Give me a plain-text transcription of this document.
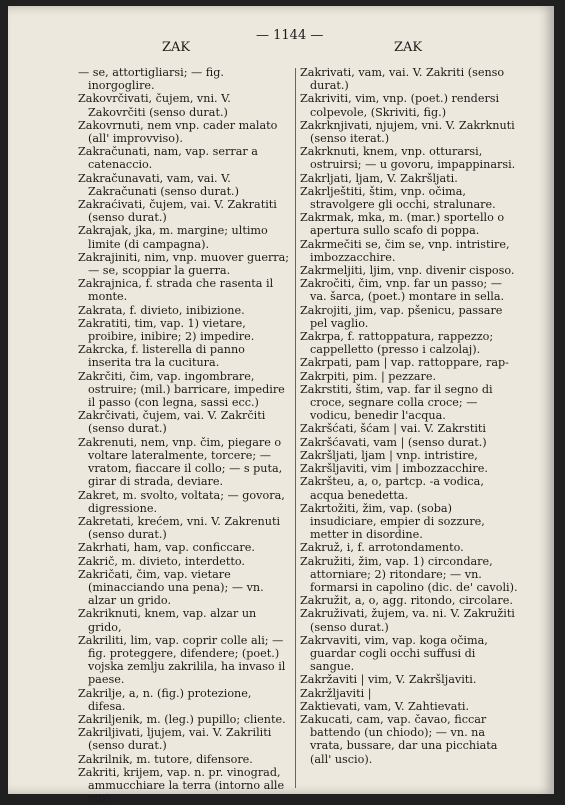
ZAK
— 1144 —
ZAK

— se, attortigliarsi; — fig. inorgoglire.

Zakovrčivati, čujem, vni. V. Zakovrčiti (senso durat.)

Zakovrnuti, nem vnp. cader malato (all' improvviso).

Zakračunati, nam, vap. serrar a catenaccio.

Zakračunavati, vam, vai. V. Zakračunati (senso durat.)

Zakraćivati, čujem, vai. V. Zakratiti (senso durat.)

Zakrajak, jka, m. margine; ultimo limite (di campagna).

Zakrajiniti, nim, vnp. muover guerra; — se, scoppiar la guerra.

Zakrajnica, f. strada che rasenta il monte.

Zakrata, f. divieto, inibizione.

Zakratiti, tim, vap. 1) vietare, proibire, inibire; 2) impedire.

Zakrcka, f. listerella di panno inserita tra la cucitura.

Zakrčiti, čim, vap. ingombrare, ostruire; (mil.) barricare, impedire il passo (con legna, sassi ecc.)

Zakrčivati, čujem, vai. V. Zakrčiti (senso durat.)

Zakrenuti, nem, vnp. čim, piegare o voltare lateralmente, torcere; — vratom, fiaccare il collo; — s puta, girar di strada, deviare.

Zakret, m. svolto, voltata; — govora, digressione.

Zakretati, krećem, vni. V. Zakrenuti (senso durat.)

Zakrhati, ham, vap. conficcare.

Zakrič, m. divieto, interdetto.

Zakričati, čim, vap. vietare (minacciando una pena); — vn. alzar un grido.

Zakriknuti, knem, vap. alzar un grido,

Zakriliti, lim, vap. coprir colle ali; — fig. proteggere, difendere; (poet.) vojska zemlju zakrilila, ha invaso il paese.

Zakrilje, a, n. (fig.) protezione, difesa.

Zakriljenik, m. (leg.) pupillo; cliente.

Zakriljivati, ljujem, vai. V. Zakriliti (senso durat.)

Zakrilnik, m. tutore, difensore.

Zakriti, krijem, vap. n. pr. vinograd, ammucchiare la terra (intorno alle viti).

Zakrivati, vam, vai. V. Zakriti (senso durat.)

Zakriviti, vim, vnp. (poet.) rendersi colpevole, (Skriviti, fig.)

Zakrknjivati, njujem, vni. V. Zakrknuti (senso iterat.)

Zakrknuti, knem, vnp. otturarsi, ostruirsi; — u govoru, impappinarsi.

Zakrljati, ljam, V. Zakršljati.

Zakrlještiti, štim, vnp. očima, stravolgere gli occhi, stralunare.

Zakrmak, mka, m. (mar.) sportello o apertura sullo scafo di poppa.

Zakrmečiti se, čim se, vnp. intristire, imbozzacchire.

Zakrmeljiti, ljim, vnp. divenir cisposo.

Zakročiti, čim, vnp. far un passo; — va. šarca, (poet.) montare in sella.

Zakrojiti, jim, vap. pšenicu, passare pel vaglio.

Zakrpa, f. rattoppatura, rappezzo; cappelletto (presso i calzolaj).

Zakrpati, pam | vap. rattoppare, rap-

Zakrpiti, pim. | pezzare.

Zakrstiti, štim, vap. far il segno di croce, segnare colla croce; — vodicu, benedir l'acqua.

Zakršćati, šćam | vai. V. Zakrstiti

Zakršćavati, vam | (senso durat.)

Zakršljati, ljam | vnp. intristire,

Zakršljaviti, vim | imbozzacchire.

Zakršteu, a, o, partcp. -a vodica, acqua benedetta.

Zakrtožiti, žim, vap. (soba) insudiciare, empier di sozzure, metter in disordine.

Zakruž, i, f. arrotondamento.

Zakružiti, žim, vap. 1) circondare, attorniare; 2) ritondare; — vn. formarsi in capolino (dic. de' cavoli).

Zakružit, a, o, agg. ritondo, circolare.

Zakruživati, žujem, va. ni. V. Zakružiti (senso durat.)

Zakrvaviti, vim, vap. koga očima, guardar cogli occhi suffusi di sangue.

Zakržaviti | vim, V. Zakršljaviti.

Zakržljaviti |

Zaktievati, vam, V. Zahtievati.

Zakucati, cam, vap. čavao, ficcar battendo (un chiodo); — vn. na vrata, bussare, dar una picchiata (all' uscio).
